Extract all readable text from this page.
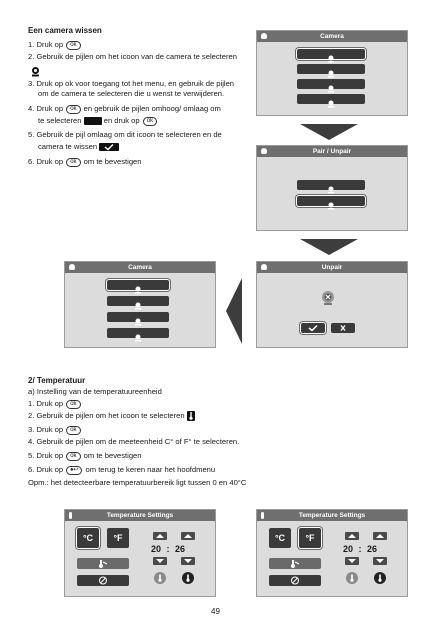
Een camera wissen
1. Druk op ok
2. Gebruik de pijlen om het icoon van de camera te selecteren
3. Druk op ok voor toegang tot het menu, en gebruik de pijlen
om de camera te selecteren die u wenst te verwijderen.
4. Druk op ok en gebruik de pijlen omhoog/ omlaag om
te selecteren	en druk op ok
5. Gebruik de pijl omlaag om dit icoon te selecteren en de
camera te wissen
6. Druk op ok om te bevestigen
Camera
Pair / Unpair
Camera	Unpair
2/ Temperatuur
a) Instelling van de temperatuureenheid
1. Druk op ok
2. Gebruik de pijlen om het icoon te selecteren
3. Druk op ok
4. Gebruik de pijlen om de meeteenheid C° of F° te selecteren.
5. Druk op ok om te bevestigen
6. Druk op ♠↩ om terug te keren naar het hoofdmenu
Opm.: het detecteerbare temperatuurbereik ligt tussen 0 en 40°C
Temperature Settings
°C	°F
20 : 26
Temperature Settings
°C	°F
20 : 26
49
